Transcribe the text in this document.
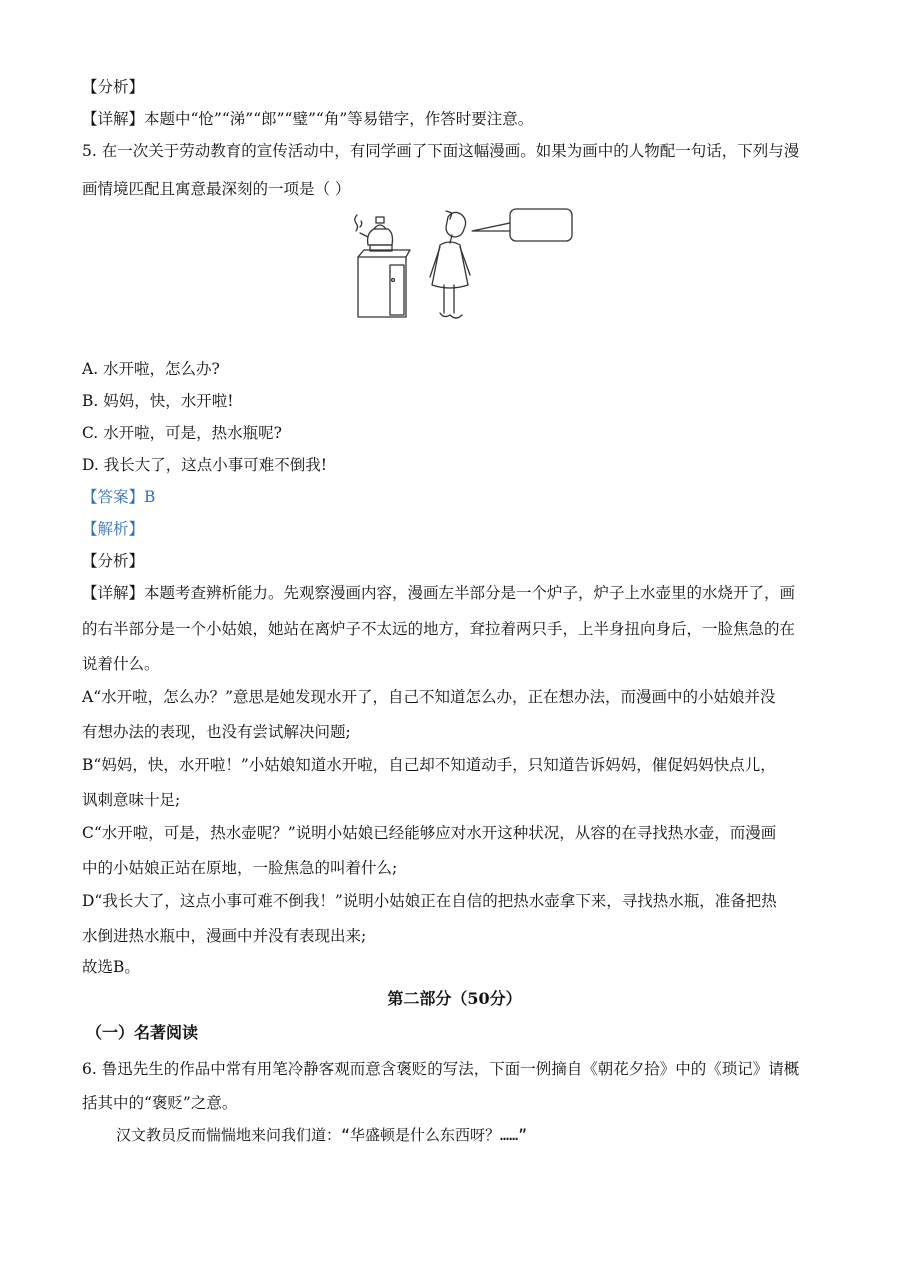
【分析】
【详解】本题中“怆”“涕”“郎”“璧”“角”等易错字，作答时要注意。
5. 在一次关于劳动教育的宣传活动中，有同学画了下面这幅漫画。如果为画中的人物配一句话，下列与漫
画情境匹配且寓意最深刻的一项是（ ）
A. 水开啦，怎么办?
B. 妈妈，快，水开啦!
C. 水开啦，可是，热水瓶呢?
D. 我长大了，这点小事可难不倒我!
【答案】B
【解析】
【分析】
【详解】本题考查辨析能力。先观察漫画内容，漫画左半部分是一个炉子，炉子上水壶里的水烧开了，画
的右半部分是一个小姑娘，她站在离炉子不太远的地方，耷拉着两只手，上半身扭向身后，一脸焦急的在
说着什么。
A“水开啦，怎么办？”意思是她发现水开了，自己不知道怎么办，正在想办法，而漫画中的小姑娘并没
有想办法的表现，也没有尝试解决问题;
B“妈妈，快，水开啦！”小姑娘知道水开啦，自己却不知道动手，只知道告诉妈妈，催促妈妈快点儿，
讽刺意味十足;
C“水开啦，可是，热水壶呢？”说明小姑娘已经能够应对水开这种状况，从容的在寻找热水壶，而漫画
中的小姑娘正站在原地，一脸焦急的叫着什么;
D“我长大了，这点小事可难不倒我！”说明小姑娘正在自信的把热水壶拿下来，寻找热水瓶，准备把热
水倒进热水瓶中，漫画中并没有表现出来;
故选B。
第二部分（50分）
（一）名著阅读
6. 鲁迅先生的作品中常有用笔冷静客观而意含褒贬的写法，下面一例摘自《朝花夕拾》中的《琐记》请概
括其中的“褒贬”之意。
汉文教员反而惴惴地来问我们道：“华盛顿是什么东西呀？……”
